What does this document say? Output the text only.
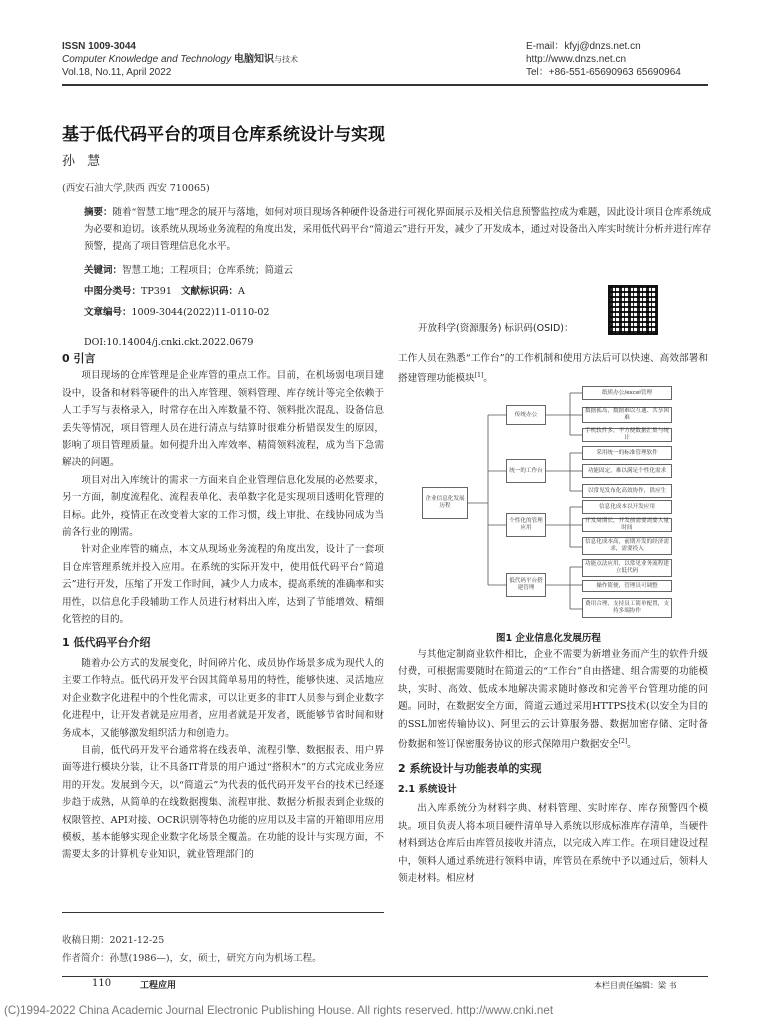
ISSN 1009-3044
Computer Knowledge and Technology 电脑知识与技术
Vol.18, No.11, April 2022
E-mail：kfyj@dnzs.net.cn
http://www.dnzs.net.cn
Tel：+86-551-65690963 65690964
基于低代码平台的项目仓库系统设计与实现
孙 慧
(西安石油大学,陕西 西安 710065)
摘要：随着“智慧工地”理念的展开与落地，如何对项目现场各种硬件设备进行可视化界面展示及相关信息预警监控成为难题，因此设计项目仓库系统成为必要和迫切。该系统从现场业务流程的角度出发，采用低代码平台“简道云”进行开发，减少了开发成本，通过对设备出入库实时统计分析并进行库存预警，提高了项目管理信息化水平。
关键词：智慧工地；工程项目；仓库系统；简道云
中图分类号：TP391 文献标识码：A
文章编号：1009-3044(2022)11-0110-02
开放科学(资源服务) 标识码(OSID)：
DOI:10.14004/j.cnki.ckt.2022.0679
0 引言

项目现场的仓库管理是企业库管的重点工作。目前，在机场弱电项目建设中，设备和材料等硬件的出入库管理、领料管理、库存统计等完全依赖于人工手写与表格录入，时常存在出入库数量不符、领料批次混乱、设备信息丢失等情况，项目管理人员在进行清点与结算时很难分析错误发生的原因，影响了项目管理质量。如何提升出入库效率、精简领料流程，成为当下急需解决的问题。

项目对出入库统计的需求一方面来自企业管理信息化发展的必然要求，另一方面，制度流程化、流程表单化、表单数字化是实现项目透明化管理的目标。此外，疫情正在改变着大家的工作习惯，线上审批、在线协同成为当前各行业的刚需。

针对企业库管的痛点，本文从现场业务流程的角度出发，设计了一套项目仓库管理系统并投入应用。在系统的实际开发中，使用低代码平台“简道云”进行开发，压缩了开发工作时间，减少人力成本，提高系统的准确率和实用性，以信息化手段辅助工作人员进行材料出入库，达到了节能增效、精细化管控的目的。

1 低代码平台介绍

随着办公方式的发展变化，时间碎片化、成员协作场景多成为现代人的主要工作特点。低代码开发平台因其简单易用的特性，能够快速、灵活地应对企业数字化进程中的个性化需求，可以让更多的非IT人员参与到企业数字化进程中，让开发者就是应用者，应用者就是开发者，既能够节省时间和财务成本，又能够激发组织活力和创造力。

目前，低代码开发平台通常将在线表单、流程引擎、数据报表、用户界面等进行模块分装，让不具备IT背景的用户通过“搭积木”的方式完成业务应用的开发。发展到今天，以“简道云”为代表的低代码开发平台的技术已经逐步趋于成熟，从简单的在线数据搜集、流程审批、数据分析报表到企业级的权限管控、API对接、OCR识别等特色功能的应用以及丰富的开箱即用应用模板，基本能够实现企业数字化场景全覆盖。在功能的设计与实现方面，不需要太多的计算机专业知识，就业管理部门的

工作人员在熟悉“工作台”的工作机制和使用方法后可以快速、高效部署和搭建管理功能模块[1]。

企业信息化发展历程
传统办公
统一的工作台
个性化的管理应用
低代码平台搭建管理
纸质办公/excel管理
数据孤岛，数据难以互通、共享困难
手机软件多，不方便数据汇集与统计
采用统一的标准管理软件
功能固定，难以满足个性化需求
以常见发布化高效协作，供应生
信息化成本以开发应用
开发周期长，开发前需要需要大量时间
信息化成本高，前期开发的经济需求，需要投入
功能点法应用，以常见业务流程建立低代码
操作简便，管理员可调整
费用合理，支持员工简单配置，支持多端协作
图1 企业信息化发展历程

与其他定制商业软件相比，企业不需要为新增业务而产生的软件升级付费，可根据需要随时在简道云的“工作台”自由搭建、组合需要的功能模块，实时、高效、低成本地解决需求随时修改和完善平台管理功能的问题。同时，在数据安全方面，简道云通过采用HTTPS技术(以安全为目的的SSL加密传输协议)、阿里云的云计算服务器、数据加密存储、定时备份数据和签订保密服务协议的形式保障用户数据安全[2]。

2 系统设计与功能表单的实现
2.1 系统设计

出入库系统分为材料字典、材料管理、实时库存、库存预警四个模块。项目负责人将本项目硬件清单导入系统以形成标准库存清单，当硬件材料到达仓库后由库管员接收并清点，以完成入库工作。在项目建设过程中，领料人通过系统进行领料申请，库管员在系统中予以通过后，领料人领走材料。相应材

收稿日期：2021-12-25
作者简介：孙慧(1986—)，女，硕士，研究方向为机场工程。
110	工程应用	本栏目责任编辑：梁 书
(C)1994-2022 China Academic Journal Electronic Publishing House. All rights reserved. http://www.cnki.net
